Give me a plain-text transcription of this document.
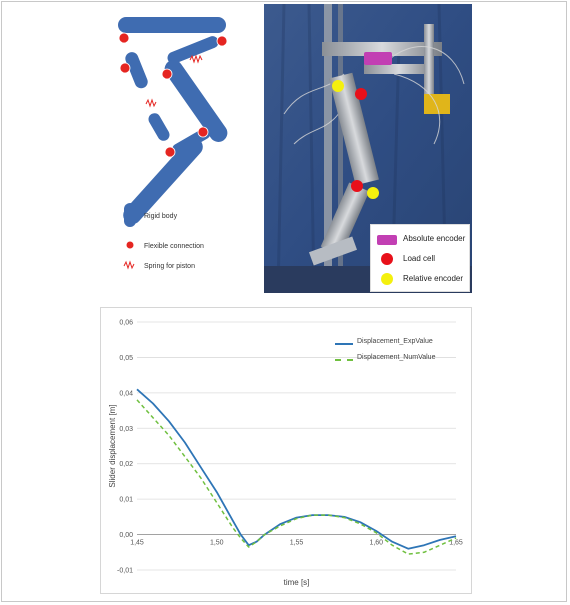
Rigid body
Flexible connection
Spring for piston
Absolute encoder
Load cell
Relative encoder
-0,01
0,00
0,01
0,02
0,03
0,04
0,05
0,06
1,45	1,50	1,55	1,60	1,65
time [s]
Slider displacement [m]
Displacement_ExpValue
Displacement_NumValue
